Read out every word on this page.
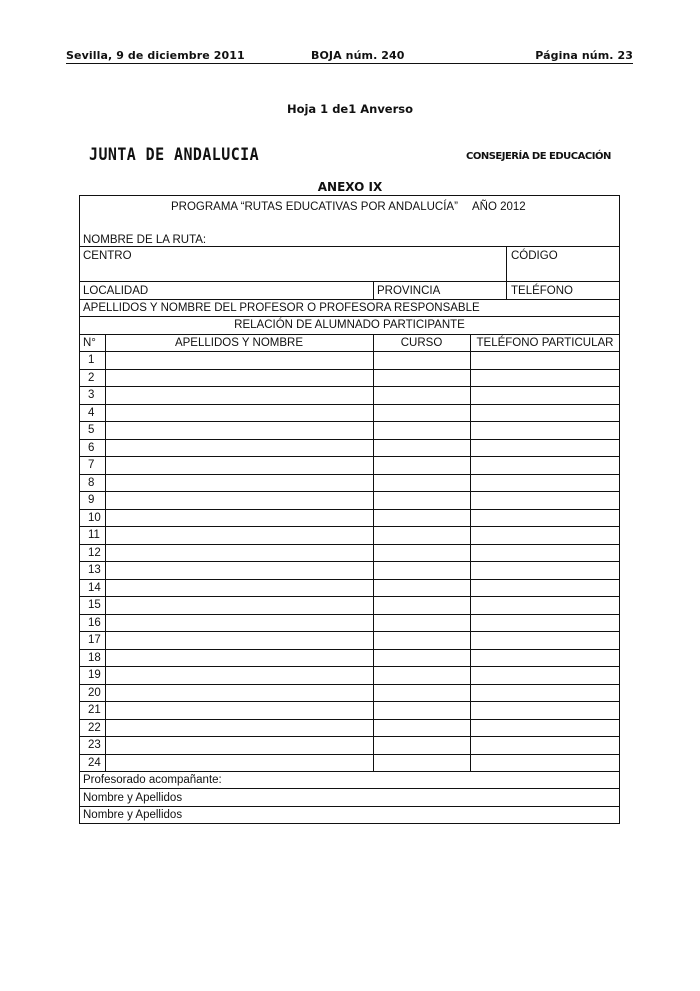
Sevilla, 9 de diciembre 2011	BOJA núm. 240	Página núm. 23
Hoja 1 de1 Anverso
JUNTA DE ANDALUCIA	CONSEJERÍA DE EDUCACIÓN
ANEXO IX
PROGRAMA “RUTAS EDUCATIVAS POR ANDALUCÍA” AÑO 2012
NOMBRE DE LA RUTA:
CENTRO	CÓDIGO
LOCALIDAD	PROVINCIA	TELÉFONO
APELLIDOS Y NOMBRE DEL PROFESOR O PROFESORA RESPONSABLE
RELACIÓN DE ALUMNADO PARTICIPANTE
N°	APELLIDOS Y NOMBRE	CURSO	TELÉFONO PARTICULAR
1
2
3
4
5
6
7
8
9
10
11
12
13
14
15
16
17
18
19
20
21
22
23
24
Profesorado acompañante:
Nombre y Apellidos
Nombre y Apellidos
